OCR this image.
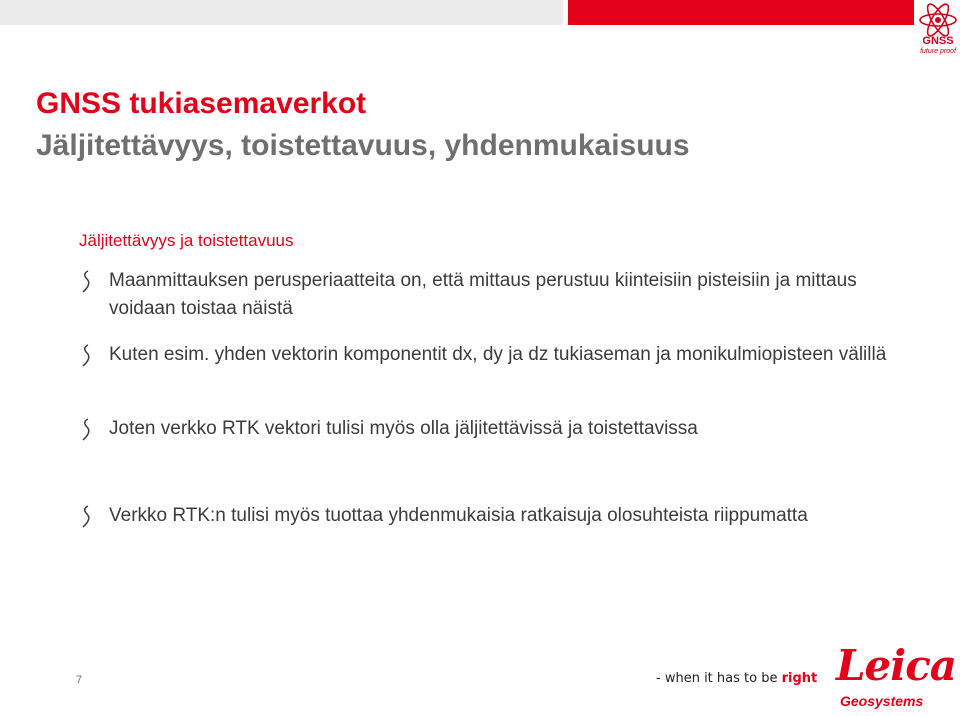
GNSS
future proof
GNSS tukiasemaverkot
Jäljitettävyys, toistettavuus, yhdenmukaisuus
Jäljitettävyys ja toistettavuus
Maanmittauksen perusperiaatteita on, että mittaus perustuu kiinteisiin pisteisiin ja mittaus voidaan toistaa näistä
Kuten esim. yhden vektorin komponentit dx, dy ja dz tukiaseman ja monikulmiopisteen välillä
Joten verkko RTK vektori tulisi myös olla jäljitettävissä ja toistettavissa
Verkko RTK:n tulisi myös tuottaa yhdenmukaisia ratkaisuja olosuhteista riippumatta
7	- when it has to be right Leica
Geosystems
